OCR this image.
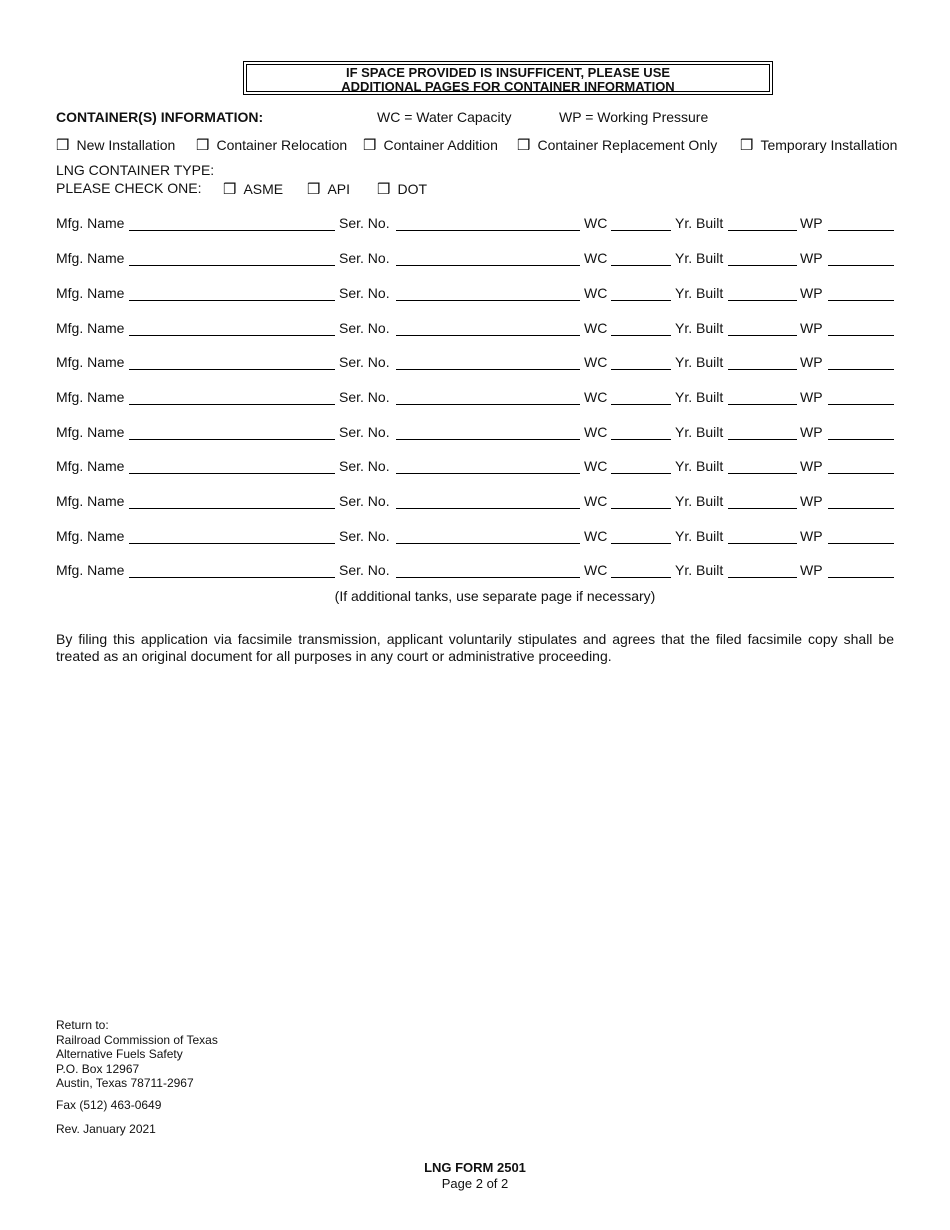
IF SPACE PROVIDED IS INSUFFICENT, PLEASE USE
ADDITIONAL PAGES FOR CONTAINER INFORMATION
CONTAINER(S) INFORMATION:	WC = Water Capacity	WP = Working Pressure
❒ New Installation ❒ Container Relocation ❒ Container Addition ❒ Container Replacement Only ❒ Temporary Installation
LNG CONTAINER TYPE:
PLEASE CHECK ONE: ❒ ASME ❒ API ❒ DOT
Mfg. Name	Ser. No.	WC	Yr. Built	WP
Mfg. Name	Ser. No.	WC	Yr. Built	WP
Mfg. Name	Ser. No.	WC	Yr. Built	WP
Mfg. Name	Ser. No.	WC	Yr. Built	WP
Mfg. Name	Ser. No.	WC	Yr. Built	WP
Mfg. Name	Ser. No.	WC	Yr. Built	WP
Mfg. Name	Ser. No.	WC	Yr. Built	WP
Mfg. Name	Ser. No.	WC	Yr. Built	WP
Mfg. Name	Ser. No.	WC	Yr. Built	WP
Mfg. Name	Ser. No.	WC	Yr. Built	WP
Mfg. Name	Ser. No.	WC	Yr. Built	WP
(If additional tanks, use separate page if necessary)
By filing this application via facsimile transmission, applicant voluntarily stipulates and agrees that the filed facsimile copy shall be treated as an original document for all purposes in any court or administrative proceeding.
Return to:
Railroad Commission of Texas
Alternative Fuels Safety
P.O. Box 12967
Austin, Texas 78711-2967
Fax (512) 463-0649
Rev. January 2021
LNG FORM 2501
Page 2 of 2
